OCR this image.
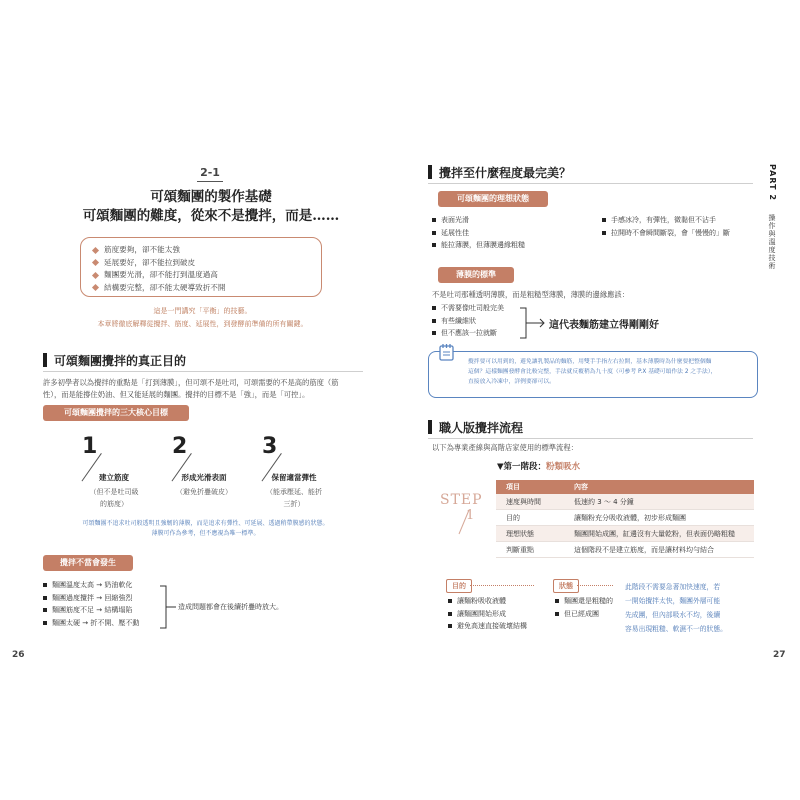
2-1
可頌麵團的製作基礎
可頌麵團的難度，從來不是攪拌，而是……
筋度要夠，卻不能太強
延展要好，卻不能拉到破皮
麵團要光滑，卻不能打到溫度過高
結構要完整，卻不能太硬導致折不開
這是一門講究「平衡」的技藝。
本章將徹底解釋從攪拌、筋度、延展性，到發酵前準備的所有關鍵。
可頌麵團攪拌的真正目的
許多初學者以為攪拌的重點是「打到薄膜」，但可頌不是吐司，可頌需要的不是高的筋度（筋
性），而是能撐住奶油、但又能延展的麵團。攪拌的目標不是「強」，而是「可控」。
可頌麵團攪拌的三大核心目標
1
建立筋度
（但不是吐司級
的筋度）
2
形成光滑表面
（避免折疊破皮）
3
保留適當彈性
（能承壓延、能折
三折）
可頌麵團不追求吐司般透明且強韌的薄膜，而是追求有彈性、可延展、透過稍帶膜感的狀態。
薄膜可作為參考，但不應視為唯一標準。
攪拌不當會發生
麵團溫度太高 → 奶油軟化
麵團過度攪拌 → 回縮強烈
麵團筋度不足 → 結構塌陷
麵團太硬 → 折不開、壓不動
造成問題都會在後續折疊時放大。
26
PART 2
操作與溫度技術
攪拌至什麼程度最完美？
可頌麵團的理想狀態
表面光滑
延展性佳
能拉薄膜，但薄膜邊緣粗糙
手感冰冷，有彈性，微黏但不沾手
拉開時不會瞬間斷裂，會「慢慢的」斷
薄膜的標準
不是吐司那種透明薄膜，而是粗糙型薄膜，薄膜的邊緣應該：
不需要像吐司般完美
有些纖維狀
但不應該一拉就斷
這代表麵筋建立得剛剛好
攪拌要可以用到的，避免讓乳製品的麵筋，用雙手手指左右拉開，基本薄膜時為什麼要把整個麵
這個？這樣麵團發酵會比較完整，手法就反覆稍為九十度（可參考 P.X 基礎可頌作法 2 之手法），
直接放入冷凍中，詳例要卻可以。
職人版攪拌流程
以下為專業產線與高階店家使用的標準流程：
▼第一階段：粉類吸水
STEP
1
項目	內容
速度與時間	低速約 3 ～ 4 分鐘
目的	讓麵粉充分吸收液體，初步形成麵團
理想狀態	麵團開始成團，缸邊沒有大量乾粉，但表面仍略粗糙
判斷重點	這個階段不是建立筋度，而是讓材料均勻結合
目的
讓麵粉吸收液體
讓麵團開始形成
避免高速直接破壞結構
狀態
麵團還是粗糙的
但已經成團
此階段不需要急著加快速度，若
一開始攪拌太快，麵團外層可能
先成團，但內部吸水不均，後續
容易出現粗糙、軟濕不一的狀態。
27
